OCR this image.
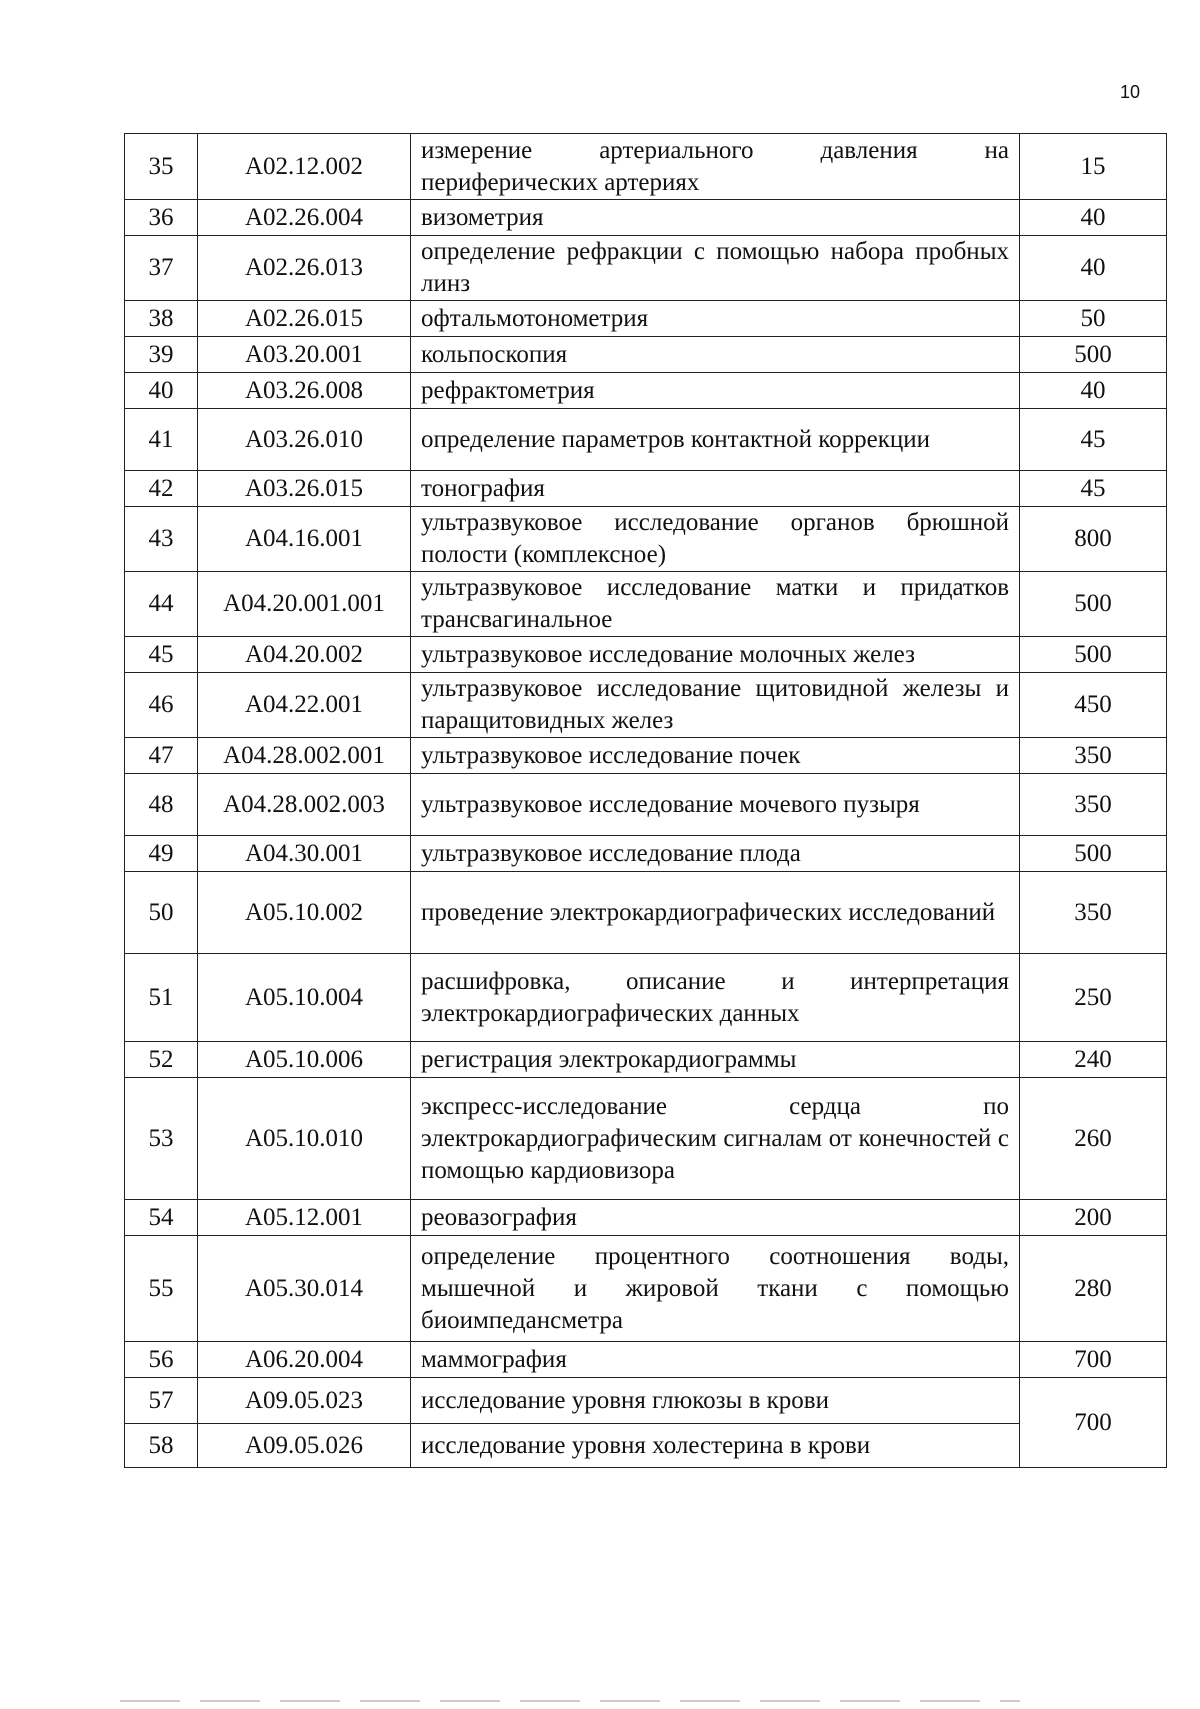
10
35	A02.12.002	измерение артериального давления на периферических артериях	15
36	A02.26.004	визометрия	40
37	A02.26.013	определение рефракции с помощью набора пробных линз	40
38	A02.26.015	офтальмотонометрия	50
39	A03.20.001	кольпоскопия	500
40	A03.26.008	рефрактометрия	40
41	A03.26.010	определение параметров контактной коррекции	45
42	A03.26.015	тонография	45
43	A04.16.001	ультразвуковое исследование органов брюшной полости (комплексное)	800
44	A04.20.001.001	ультразвуковое исследование матки и придатков трансвагинальное	500
45	A04.20.002	ультразвуковое исследование молочных желез	500
46	A04.22.001	ультразвуковое исследование щитовидной железы и паращитовидных желез	450
47	A04.28.002.001	ультразвуковое исследование почек	350
48	A04.28.002.003	ультразвуковое исследование мочевого пузыря	350
49	A04.30.001	ультразвуковое исследование плода	500
50	A05.10.002	проведение электрокардиографических исследований	350
51	A05.10.004	расшифровка, описание и интерпретация электрокардиографических данных	250
52	A05.10.006	регистрация электрокардиограммы	240
53	A05.10.010	экспресс-исследование сердца по электрокардиографическим сигналам от конечностей с помощью кардиовизора	260
54	A05.12.001	реовазография	200
55	A05.30.014	определение процентного соотношения воды, мышечной и жировой ткани с помощью биоимпедансметра	280
56	A06.20.004	маммография	700
57	A09.05.023	исследование уровня глюкозы в крови	700
58	A09.05.026	исследование уровня холестерина в крови	
